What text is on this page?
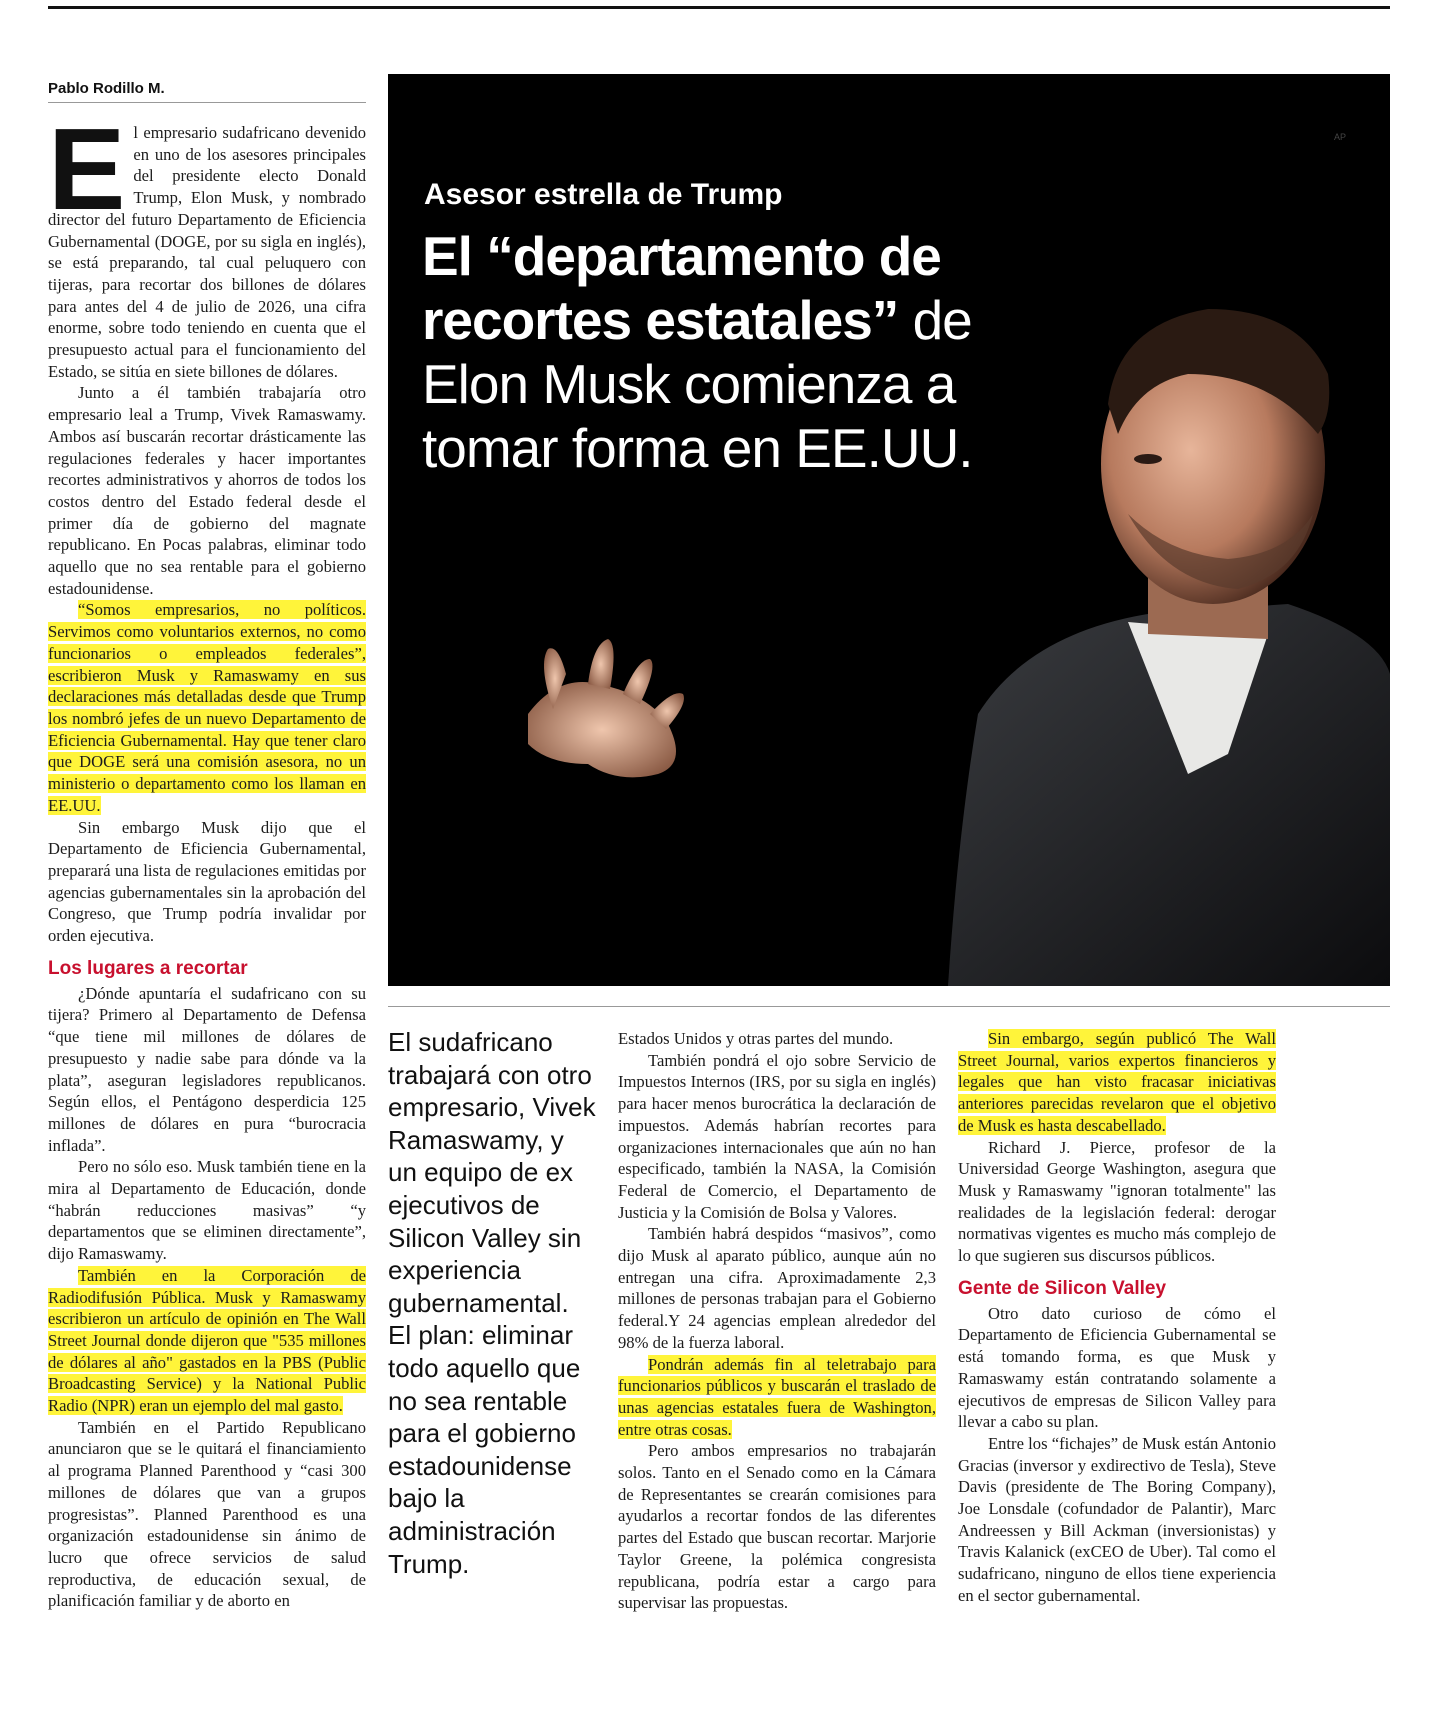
Pablo Rodillo M.

El empresario sudafricano devenido en uno de los asesores principales del presidente electo Donald Trump, Elon Musk, y nombrado director del futuro Departamento de Eficiencia Gubernamental (DOGE, por su sigla en inglés), se está preparando, tal cual peluquero con tijeras, para recortar dos billones de dólares para antes del 4 de julio de 2026, una cifra enorme, sobre todo teniendo en cuenta que el presupuesto actual para el funcionamiento del Estado, se sitúa en siete billones de dólares.

Junto a él también trabajaría otro empresario leal a Trump, Vivek Ramaswamy. Ambos así buscarán recortar drásticamente las regulaciones federales y hacer importantes recortes administrativos y ahorros de todos los costos dentro del Estado federal desde el primer día de gobierno del magnate republicano. En Pocas palabras, eliminar todo aquello que no sea rentable para el gobierno estadounidense.

“Somos empresarios, no políticos. Servimos como voluntarios externos, no como funcionarios o empleados federales”, escribieron Musk y Ramaswamy en sus declaraciones más detalladas desde que Trump los nombró jefes de un nuevo Departamento de Eficiencia Gubernamental. Hay que tener claro que DOGE será una comisión asesora, no un ministerio o departamento como los llaman en EE.UU.

Sin embargo Musk dijo que el Departamento de Eficiencia Gubernamental, preparará una lista de regulaciones emitidas por agencias gubernamentales sin la aprobación del Congreso, que Trump podría invalidar por orden ejecutiva.

Los lugares a recortar

¿Dónde apuntaría el sudafricano con su tijera? Primero al Departamento de Defensa “que tiene mil millones de dólares de presupuesto y nadie sabe para dónde va la plata”, aseguran legisladores republicanos. Según ellos, el Pentágono desperdicia 125 millones de dólares en pura “burocracia inflada”.

Pero no sólo eso. Musk también tiene en la mira al Departamento de Educación, donde “habrán reducciones masivas” “y departamentos que se eliminen directamente”, dijo Ramaswamy.

También en la Corporación de Radiodifusión Pública. Musk y Ramaswamy escribieron un artículo de opinión en The Wall Street Journal donde dijeron que "535 millones de dólares al año" gastados en la PBS (Public Broadcasting Service) y la National Public Radio (NPR) eran un ejemplo del mal gasto.

También en el Partido Republicano anunciaron que se le quitará el financiamiento al programa Planned Parenthood y “casi 300 millones de dólares que van a grupos progresistas”. Planned Parenthood es una organización estadounidense sin ánimo de lucro que ofrece servicios de salud reproductiva, de educación sexual, de planificación familiar y de aborto en

AP
Asesor estrella de Trump
El “departamento de recortes estatales” de Elon Musk comienza a tomar forma en EE.UU.
El sudafricano trabajará con otro empresario, Vivek Ramaswamy, y un equipo de ex ejecutivos de Silicon Valley sin experiencia gubernamental. El plan: eliminar todo aquello que no sea rentable para el gobierno estadounidense bajo la administración Trump.

Estados Unidos y otras partes del mundo.

También pondrá el ojo sobre Servicio de Impuestos Internos (IRS, por su sigla en inglés) para hacer menos burocrática la declaración de impuestos. Además habrían recortes para organizaciones internacionales que aún no han especificado, también la NASA, la Comisión Federal de Comercio, el Departamento de Justicia y la Comisión de Bolsa y Valores.

También habrá despidos “masivos”, como dijo Musk al aparato público, aunque aún no entregan una cifra. Aproximadamente 2,3 millones de personas trabajan para el Gobierno federal.Y 24 agencias emplean alrededor del 98% de la fuerza laboral.

Pondrán además fin al teletrabajo para funcionarios públicos y buscarán el traslado de unas agencias estatales fuera de Washington, entre otras cosas.

Pero ambos empresarios no trabajarán solos. Tanto en el Senado como en la Cámara de Representantes se crearán comisiones para ayudarlos a recortar fondos de las diferentes partes del Estado que buscan recortar. Marjorie Taylor Greene, la polémica congresista republicana, podría estar a cargo para supervisar las propuestas.

Sin embargo, según publicó The Wall Street Journal, varios expertos financieros y legales que han visto fracasar iniciativas anteriores parecidas revelaron que el objetivo de Musk es hasta descabellado.

Richard J. Pierce, profesor de la Universidad George Washington, asegura que Musk y Ramaswamy "ignoran totalmente" las realidades de la legislación federal: derogar normativas vigentes es mucho más complejo de lo que sugieren sus discursos públicos.

Gente de Silicon Valley

Otro dato curioso de cómo el Departamento de Eficiencia Gubernamental se está tomando forma, es que Musk y Ramaswamy están contratando solamente a ejecutivos de empresas de Silicon Valley para llevar a cabo su plan.

Entre los “fichajes” de Musk están Antonio Gracias (inversor y exdirectivo de Tesla), Steve Davis (presidente de The Boring Company), Joe Lonsdale (cofundador de Palantir), Marc Andreessen y Bill Ackman (inversionistas) y Travis Kalanick (exCEO de Uber). Tal como el sudafricano, ninguno de ellos tiene experiencia en el sector gubernamental.
